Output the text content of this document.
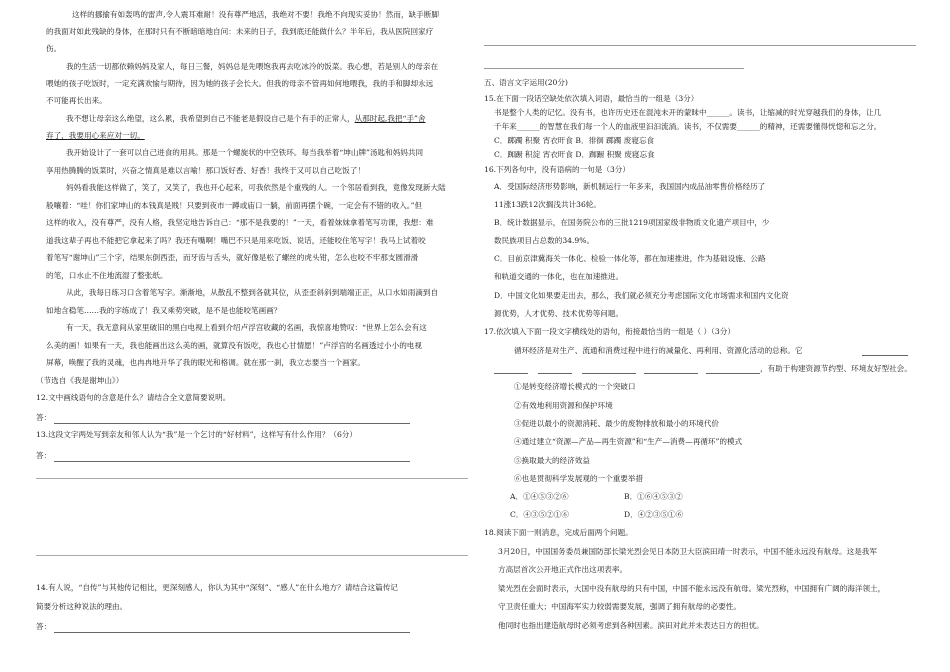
这样的挪揄有如轰鸣的雷声,令人震耳难耐！没有尊严地活，我绝对不要！我绝不向现实妥协！然而，缺手断脚
的我面对如此残缺的身体，在那时只有不断暗暗地自问：未来的日子，我到底还能做什么？半年后，我从医院回家疗
伤。
我的生活一切都依赖妈妈及家人，每日三餐，妈妈总是先喂饱我再去吃冰冷的饭菜。我心想，若是别人的母亲在
喂她的孩子吃饭时，一定充满欢愉与期待，因为她的孩子会长大。但我的母亲不管再如何地喂我，我的手和脚却永远
不可能再长出来。
我不想让母亲这么绝望，这么累，我希望到自己不能老是假设自己是个有手的正常人，从那时起,我把“手”舍
弃了，我要用心来应对一切。
我开始设计了一套可以自己进食的用具。那是一个螺旋状的中空铁环。每当我举着“坤山牌”汤匙和妈妈共同
享用热腾腾的饭菜时，兴奋之情真是难以言喻！那口饭好香、好香！我终于又可以自己吃饭了！
妈妈看我能这样做了，笑了，又笑了，我也开心起来，可我依然是个重残的人。一个邻居看到我，竟像发现新大陆
般嚷着：“哇！你们家坤山的本钱真是贱！只要到夜市一蹲或庙口一躺，前面再摆个碗，一定会有不错的收入。”但
这样的收入，没有尊严，没有人格，我坚定地告诉自己：“那不是我要的！”一天，看着妹妹拿着笔写功课，我想：难
道我这辈子再也不能把它拿起来了吗？我还有嘴啊！嘴巴不只是用来吃饭、说话，还能咬住笔写字！我马上试着咬
着笔写“谢坤山”三个字，结果东倒西歪，而牙齿与舌头，就好像是松了螺丝的虎头钳，怎么也咬不牢那支圆滑滑
的笔，口水止不住地流湿了整张纸。
从此，我每日练习口含着笔写字。渐渐地，从散乱不整到各就其位，从歪歪斜斜到端端正正，从口水如雨滴到自
如地含稳笔……我的字练成了！我又乘势突破，是不是也能咬笔画画？
有一天，我无意间从家里破旧的黑白电视上看到介绍卢浮宫收藏的名画，我惊喜地赞叹：“世界上怎么会有这
么美的画！如果有一天，我也能画出这么美的画，就算没有饭吃，我也心甘情愿！”卢浮宫的名画透过小小的电视
屏幕，唤醒了我的灵魂，也冉冉地升华了我的眼光和格调。就在那一刹，我立志要当一个画家。
（节选自《我是谢坤山》）
12.文中画线语句的含意是什么？请结合全文意简要说明。
答：
13.这段文字两处写到亲友和邻人认为“我”是一个乞讨的“好材料”，这样写有什么作用？（6分）
答：
14.有人说，“自传”与其他传记相比，更深刻感人，你认为其中“深刻”、“感人”在什么地方？请结合这篇传记
简要分析这种说法的理由。
答：
五、语言文字运用(20分)
15.在下面一段话空缺处依次填入词语，最恰当的一组是（3分）
书是整个人类的记忆。没有书，也许历史还在混沌未开的蒙昧中______。读书，让缩减的时光穿越我们的身体，让几
千年来______的智慧在我们每一个人的血液里汩汩流淌。读书，不仅需要______的精神，还需要懂得恍惚和忘之分。
C．踯躅 积聚 宵衣旰食 B．徘徊 踯躅 废寝忘食
C．踟蹰 积淀 宵衣旰食 D．踟蹰 积聚 废寝忘食
16.下列各句中，没有语病的一句是（3分）
A．受国际经济形势影响，新机制运行一年多来，我国国内成品油零售价格经历了
11涨13跌12次搁浅共计36轮。
B．统计数据显示，在国务院公布的三批1219项国家级非物质文化遗产项目中，少
数民族项目占总数的34.9%。
C．目前京津冀海关一体化、检验一体化等，都在加速推进，作为基础设施、公路
和轨道交通的一体化，也在加速推进。
D．中国文化如果要走出去，那么，我们就必须充分考虑国际文化市场需求和国内文化资
源优势，人才优势、技术优势等问题。
17.依次填入下面一段文字横线处的语句，衔接最恰当的一组是（ ）（3分）
循环经济是对生产、流通和消费过程中进行的减量化、再利用、资源化活动的总称。它
，有助于构建资源节约型、环境友好型社会。
①是转变经济增长模式的一个突破口
②有效地利用资源和保护环境
③促进以最小的资源消耗、最少的废物排放和最小的环境代价
④通过建立“资源—产品—再生资源”和“生产—消费—再循环”的模式
⑤换取最大的经济效益
⑥也是贯彻科学发展观的一个重要举措
A．①④⑤③②⑥	B．①⑥④⑤③②
C．④③⑤②①⑥	D．④②③⑤①⑥
18.阅读下面一则消息，完成后面两个问题。
3月20日，中国国务委员兼国防部长梁光烈会见日本防卫大臣滨田靖一时表示，中国不能永远没有航母。这是我军
方高层首次公开地正式作出这项表率。
梁光烈在会面时表示，大国中没有航母的只有中国，中国不能永远没有航母。梁光烈称，中国拥有广阔的海洋领土，
守卫责任重大；中国海军实力较弱需要发展，强调了拥有航母的必要性。
他同时也指出建造航母时必须考虑到各种因素。滨田对此并未表达日方的担忧。
